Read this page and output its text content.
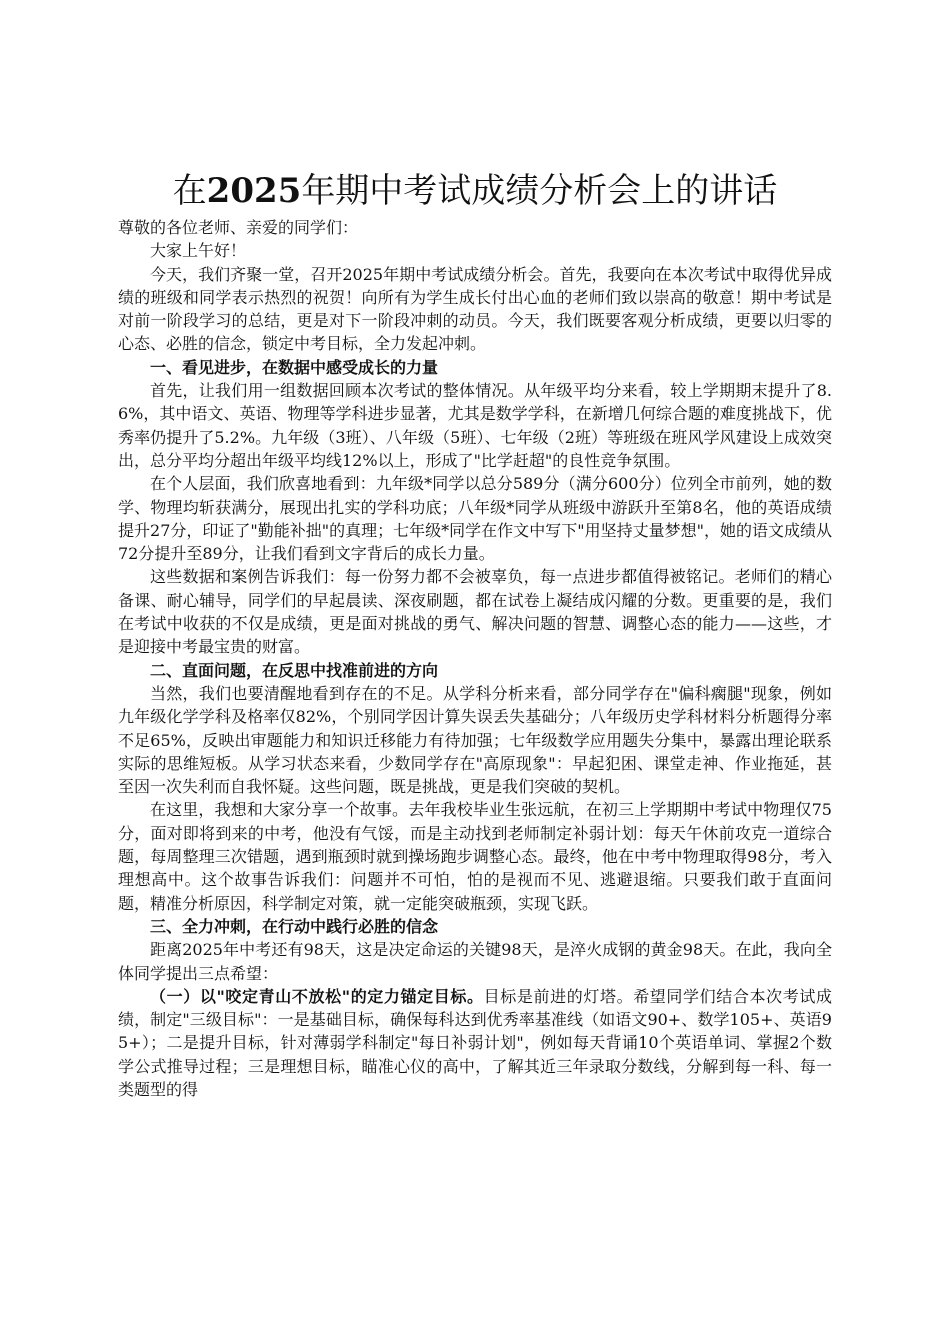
在2025年期中考试成绩分析会上的讲话

尊敬的各位老师、亲爱的同学们：

大家上午好！

今天，我们齐聚一堂，召开2025年期中考试成绩分析会。首先，我要向在本次考试中取得优异成绩的班级和同学表示热烈的祝贺！向所有为学生成长付出心血的老师们致以崇高的敬意！期中考试是对前一阶段学习的总结，更是对下一阶段冲刺的动员。今天，我们既要客观分析成绩，更要以归零的心态、必胜的信念，锁定中考目标，全力发起冲刺。

一、看见进步，在数据中感受成长的力量

首先，让我们用一组数据回顾本次考试的整体情况。从年级平均分来看，较上学期期末提升了8.6%，其中语文、英语、物理等学科进步显著，尤其是数学学科，在新增几何综合题的难度挑战下，优秀率仍提升了5.2%。九年级（3班）、八年级（5班）、七年级（2班）等班级在班风学风建设上成效突出，总分平均分超出年级平均线12%以上，形成了"比学赶超"的良性竞争氛围。

在个人层面，我们欣喜地看到：九年级*同学以总分589分（满分600分）位列全市前列，她的数学、物理均斩获满分，展现出扎实的学科功底；八年级*同学从班级中游跃升至第8名，他的英语成绩提升27分，印证了"勤能补拙"的真理；七年级*同学在作文中写下"用坚持丈量梦想"，她的语文成绩从72分提升至89分，让我们看到文字背后的成长力量。

这些数据和案例告诉我们：每一份努力都不会被辜负，每一点进步都值得被铭记。老师们的精心备课、耐心辅导，同学们的早起晨读、深夜刷题，都在试卷上凝结成闪耀的分数。更重要的是，我们在考试中收获的不仅是成绩，更是面对挑战的勇气、解决问题的智慧、调整心态的能力——这些，才是迎接中考最宝贵的财富。

二、直面问题，在反思中找准前进的方向

当然，我们也要清醒地看到存在的不足。从学科分析来看，部分同学存在"偏科瘸腿"现象，例如九年级化学学科及格率仅82%，个别同学因计算失误丢失基础分；八年级历史学科材料分析题得分率不足65%，反映出审题能力和知识迁移能力有待加强；七年级数学应用题失分集中，暴露出理论联系实际的思维短板。从学习状态来看，少数同学存在"高原现象"：早起犯困、课堂走神、作业拖延，甚至因一次失利而自我怀疑。这些问题，既是挑战，更是我们突破的契机。

在这里，我想和大家分享一个故事。去年我校毕业生张远航，在初三上学期期中考试中物理仅75分，面对即将到来的中考，他没有气馁，而是主动找到老师制定补弱计划：每天午休前攻克一道综合题，每周整理三次错题，遇到瓶颈时就到操场跑步调整心态。最终，他在中考中物理取得98分，考入理想高中。这个故事告诉我们：问题并不可怕，怕的是视而不见、逃避退缩。只要我们敢于直面问题，精准分析原因，科学制定对策，就一定能突破瓶颈，实现飞跃。

三、全力冲刺，在行动中践行必胜的信念

距离2025年中考还有98天，这是决定命运的关键98天，是淬火成钢的黄金98天。在此，我向全体同学提出三点希望：

（一）以"咬定青山不放松"的定力锚定目标。目标是前进的灯塔。希望同学们结合本次考试成绩，制定"三级目标"：一是基础目标，确保每科达到优秀率基准线（如语文90+、数学105+、英语95+）；二是提升目标，针对薄弱学科制定"每日补弱计划"，例如每天背诵10个英语单词、掌握2个数学公式推导过程；三是理想目标，瞄准心仪的高中，了解其近三年录取分数线，分解到每一科、每一类题型的得
